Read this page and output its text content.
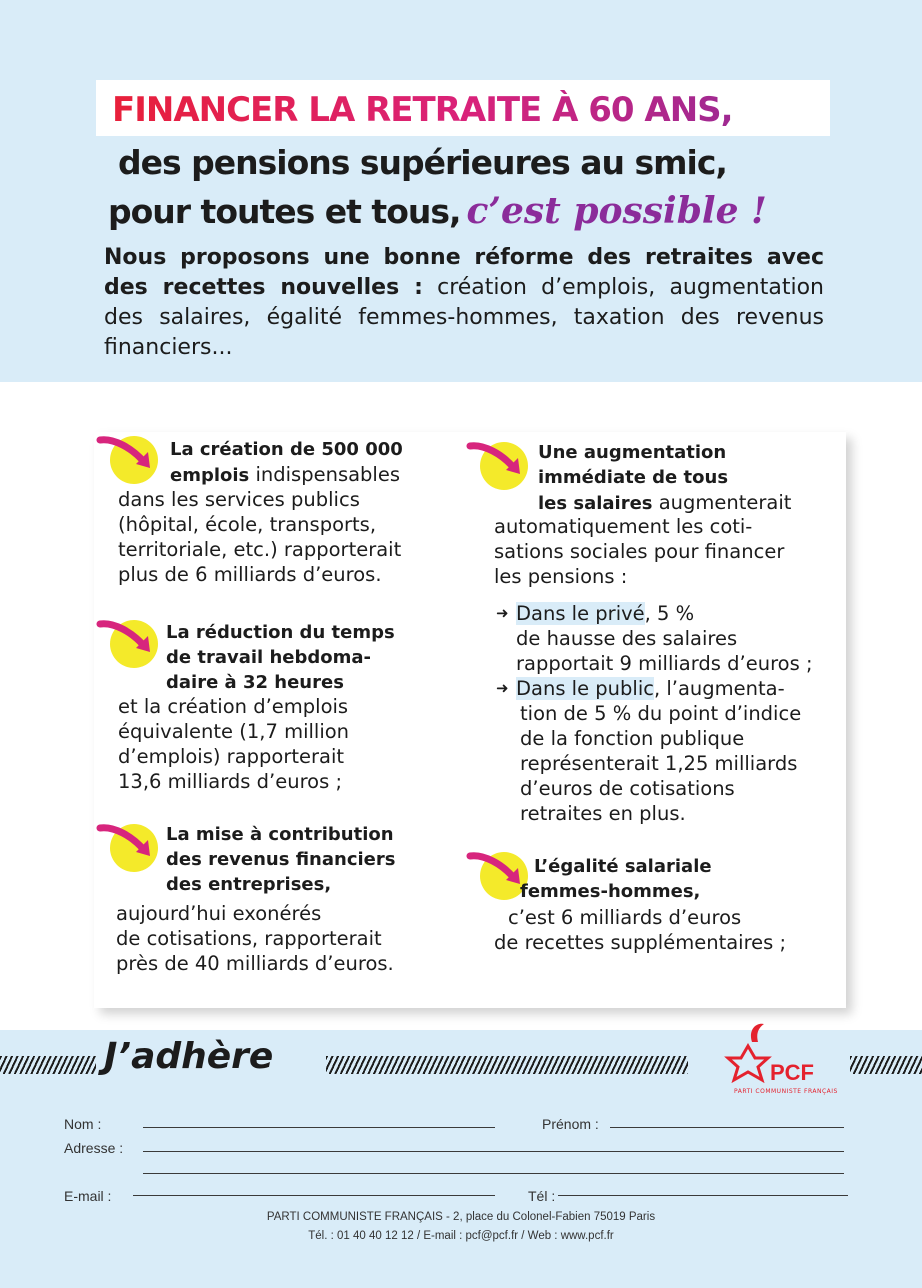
FINANCER LA RETRAITE À 60 ANS,
des pensions supérieures au smic,
pour toutes et tous, c’est possible !
Nous proposons une bonne réforme des retraites avec des recettes nouvelles : création d’emplois, augmentation des salaires, égalité femmes-hommes, taxation des revenus financiers...
La création de 500 000
emplois indispensables
dans les services publics
(hôpital, école, transports,
territoriale, etc.) rapporterait
plus de 6 milliards d’euros.
La réduction du temps
de travail hebdoma-
daire à 32 heures
et la création d’emplois
équivalente (1,7 million
d’emplois) rapporterait
13,6 milliards d’euros ;
La mise à contribution
des revenus financiers
des entreprises,
aujourd’hui exonérés
de cotisations, rapporterait
près de 40 milliards d’euros.
Une augmentation
immédiate de tous
les salaires augmenterait
automatiquement les coti-
sations sociales pour financer
les pensions :
➜ Dans le privé, 5 %
de hausse des salaires
rapportait 9 milliards d’euros ;
➜ Dans le public, l’augmenta-
tion de 5 % du point d’indice
de la fonction publique
représenterait 1,25 milliards
d’euros de cotisations
retraites en plus.
L’égalité salariale
femmes-hommes,
c’est 6 milliards d’euros
de recettes supplémentaires ;
J’adhère	PCF
PARTI COMMUNISTE FRANÇAIS
Nom :	Prénom :
Adresse :
E-mail :	Tél :
PARTI COMMUNISTE FRANÇAIS - 2, place du Colonel-Fabien 75019 Paris
Tél. : 01 40 40 12 12 / E-mail : pcf@pcf.fr / Web : www.pcf.fr
